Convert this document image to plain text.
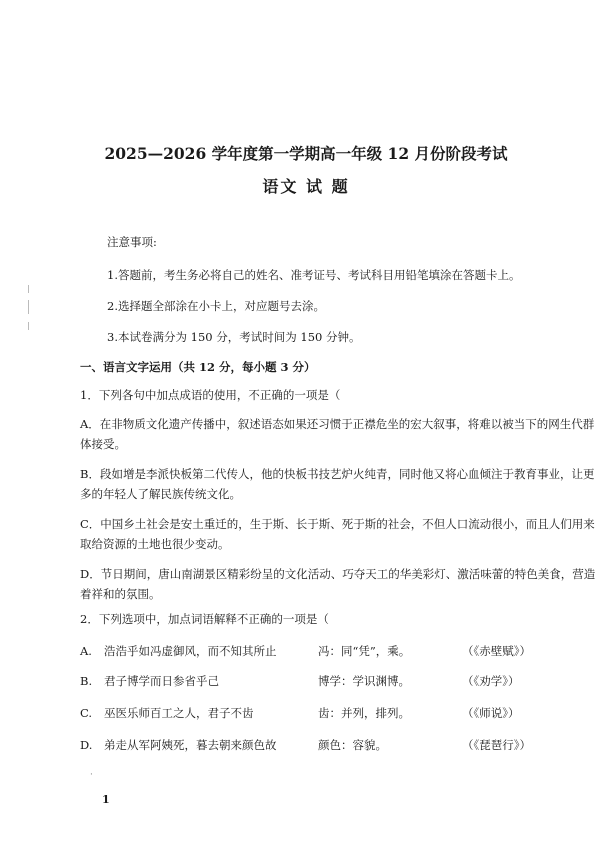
2025—2026 学年度第一学期高一年级 12 月份阶段考试
语文 试 题
注意事项:
1.答题前，考生务必将自己的姓名、准考证号、考试科目用铅笔填涂在答题卡上。
2.选择题全部涂在小卡上，对应题号去涂。
3.本试卷满分为 150 分，考试时间为 150 分钟。
一、语言文字运用（共 12 分，每小题 3 分）
1．下列各句中加点成语的使用，不正确的一项是（
A．在非物质文化遗产传播中，叙述语态如果还习惯于正襟危坐的宏大叙事，将难以被当下的网生代群体接受。
B．段如增是李派快板第二代传人，他的快板书技艺炉火纯青，同时他又将心血倾注于教育事业，让更多的年轻人了解民族传统文化。
C．中国乡土社会是安土重迁的，生于斯、长于斯、死于斯的社会，不但人口流动很小，而且人们用来取给资源的土地也很少变动。
D．节日期间，唐山南湖景区精彩纷呈的文化活动、巧夺天工的华美彩灯、激活味蕾的特色美食，营造着祥和的氛围。
2．下列选项中，加点词语解释不正确的一项是（
A. 浩浩乎如冯虚御风，而不知其所止	冯：同“凭”，乘。	（《赤壁赋》）
B. 君子博学而日参省乎己	博学：学识渊博。	（《劝学》）
C. 巫医乐师百工之人，君子不齿	齿：并列，排列。	（《师说》）
D. 弟走从军阿姨死，暮去朝来颜色故	颜色：容貌。	（《琵琶行》）
·
1
